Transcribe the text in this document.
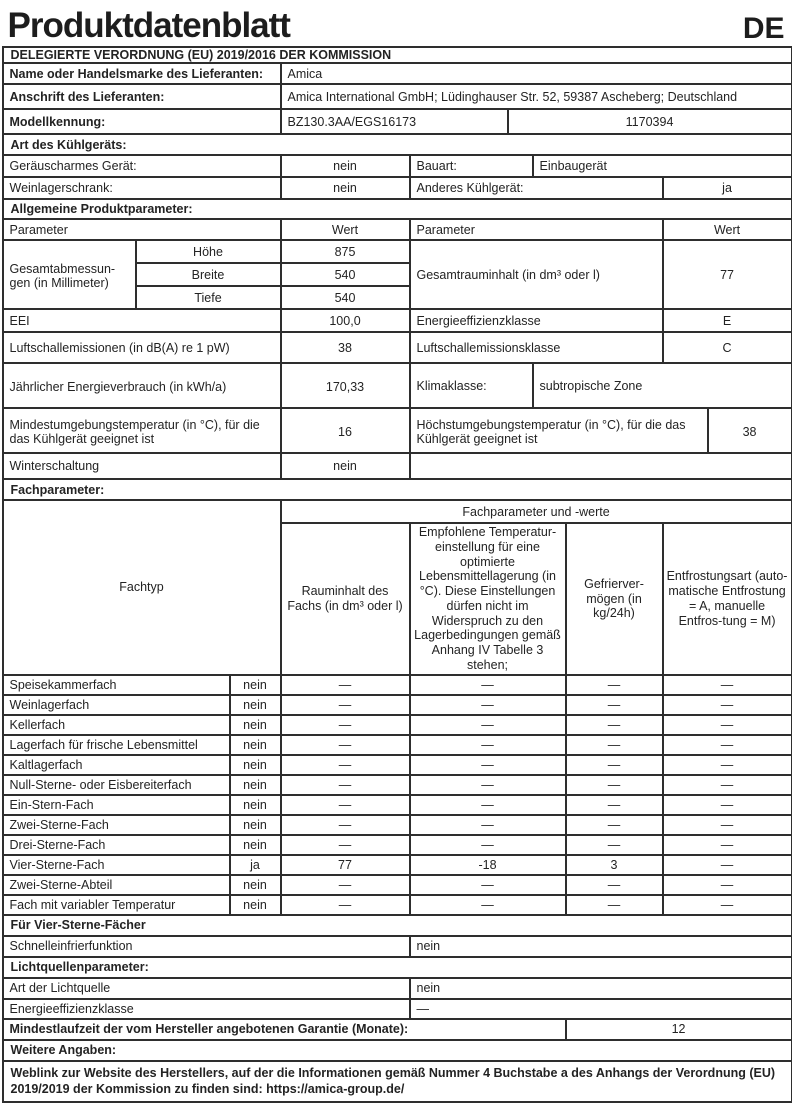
Produktdatenblatt	DE
DELEGIERTE VERORDNUNG (EU) 2019/2016 DER KOMMISSION									
Name oder Handelsmarke des Lieferanten:			Amica						
Anschrift des Lieferanten:			Amica International GmbH; Lüdinghauser Str. 52, 59387 Ascheberg; Deutschland						
Modellkennung:			BZ130.3AA/EGS16173		1170394				
Art des Kühlgeräts:									
Geräuscharmes Gerät:			nein	Bauart:		Einbaugerät			
Weinlagerschrank:			nein	Anderes Kühlgerät:				ja	
Allgemeine Produktparameter:									
Parameter			Wert	Parameter				Wert	
Gesamtabmessun-gen (in Millimeter)	Höhe		875	Gesamtrauminhalt (in dm³ oder l)				77	
	Breite		540						
	Tiefe		540						
EEI			100,0	Energieeffizienzklasse				E	
Luftschallemissionen (in dB(A) re 1 pW)			38	Luftschallemissionsklasse				C	
Jährlicher Energieverbrauch (in kWh/a)			170,33	Klimaklasse:		subtropische Zone			
Mindestumgebungstemperatur (in °C), für die das Kühlgerät geeignet ist			16	Höchstumgebungstemperatur (in °C), für die das Kühlgerät geeignet ist					38
Winterschaltung			nein						
Fachparameter:									
Fachtyp			Fachparameter und -werte						
			Rauminhalt des Fachs (in dm³ oder l)	Empfohlene Temperatur-einstellung für eine optimierte Lebensmittellagerung (in °C). Diese Einstellungen dürfen nicht im Widerspruch zu den Lagerbedingungen gemäß Anhang IV Tabelle 3 stehen;			Gefrierver-mögen (in kg/24h)	Entfrostungsart (auto-matische Entfrostung = A, manuelle Entfros-tung = M)	
Speisekammerfach		nein	—	—			—	—	
Weinlagerfach		nein	—	—			—	—	
Kellerfach		nein	—	—			—	—	
Lagerfach für frische Lebensmittel		nein	—	—			—	—	
Kaltlagerfach		nein	—	—			—	—	
Null-Sterne- oder Eisbereiterfach		nein	—	—			—	—	
Ein-Stern-Fach		nein	—	—			—	—	
Zwei-Sterne-Fach		nein	—	—			—	—	
Drei-Sterne-Fach		nein	—	—			—	—	
Vier-Sterne-Fach		ja	77	-18			3	—	
Zwei-Sterne-Abteil		nein	—	—			—	—	
Fach mit variabler Temperatur		nein	—	—			—	—	
Für Vier-Sterne-Fächer									
Schnelleinfrierfunktion				nein					
Lichtquellenparameter:									
Art der Lichtquelle				nein					
Energieeffizienzklasse				—					
Mindestlaufzeit der vom Hersteller angebotenen Garantie (Monate):							12		
Weitere Angaben:									
Weblink zur Website des Herstellers, auf der die Informationen gemäß Nummer 4 Buchstabe a des Anhangs der Verordnung (EU) 2019/2019 der Kommission zu finden sind: https://amica-group.de/									
